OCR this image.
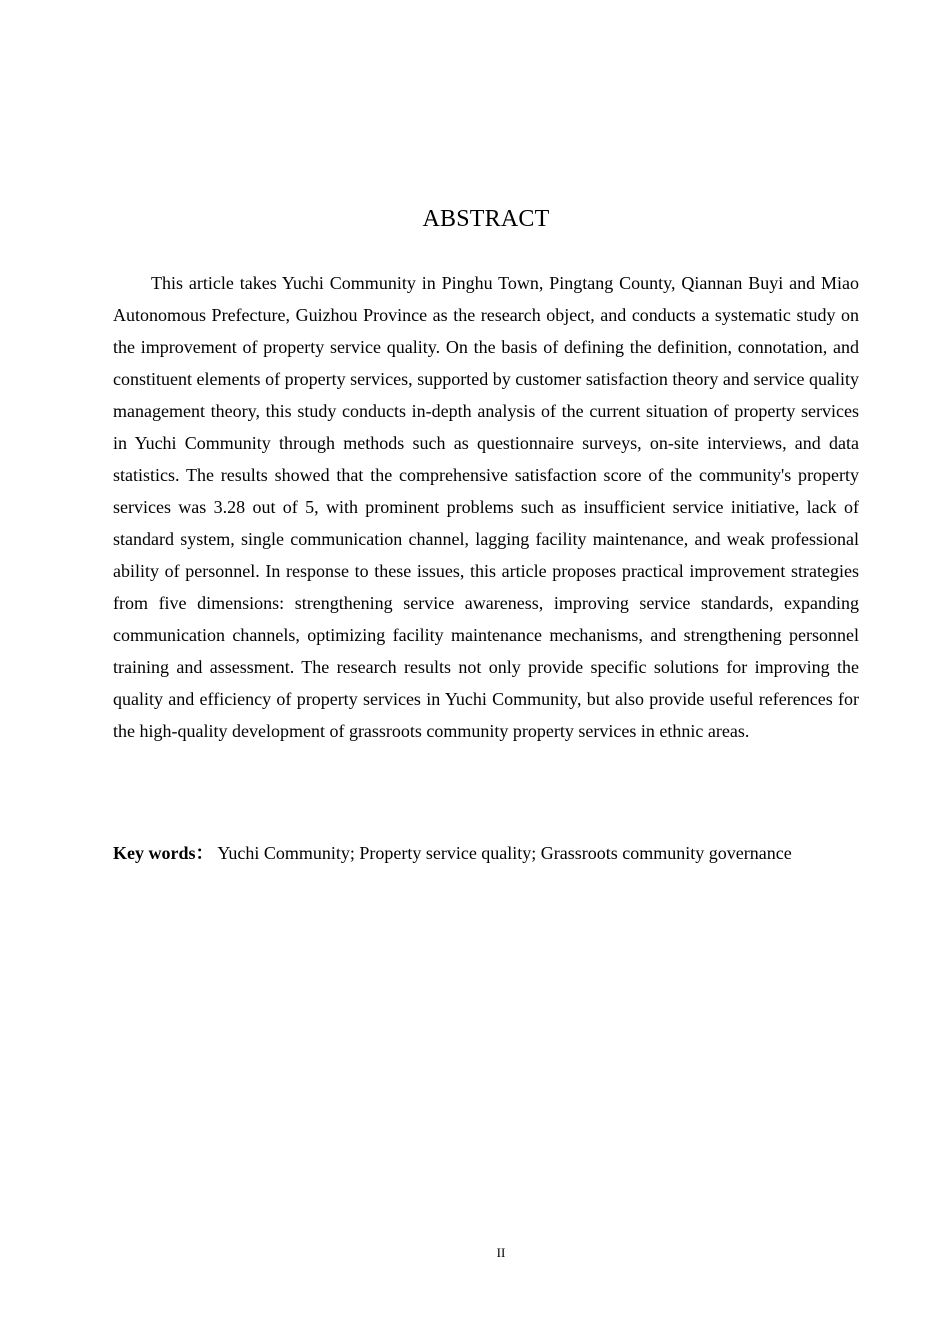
ABSTRACT

This article takes Yuchi Community in Pinghu Town, Pingtang County, Qiannan Buyi and Miao Autonomous Prefecture, Guizhou Province as the research object, and conducts a systematic study on the improvement of property service quality. On the basis of defining the definition, connotation, and constituent elements of property services, supported by customer satisfaction theory and service quality management theory, this study conducts in-depth analysis of the current situation of property services in Yuchi Community through methods such as questionnaire surveys, on-site interviews, and data statistics. The results showed that the comprehensive satisfaction score of the community's property services was 3.28 out of 5, with prominent problems such as insufficient service initiative, lack of standard system, single communication channel, lagging facility maintenance, and weak professional ability of personnel. In response to these issues, this article proposes practical improvement strategies from five dimensions: strengthening service awareness, improving service standards, expanding communication channels, optimizing facility maintenance mechanisms, and strengthening personnel training and assessment. The research results not only provide specific solutions for improving the quality and efficiency of property services in Yuchi Community, but also provide useful references for the high-quality development of grassroots community property services in ethnic areas.

Key words： Yuchi Community; Property service quality; Grassroots community governance

II
